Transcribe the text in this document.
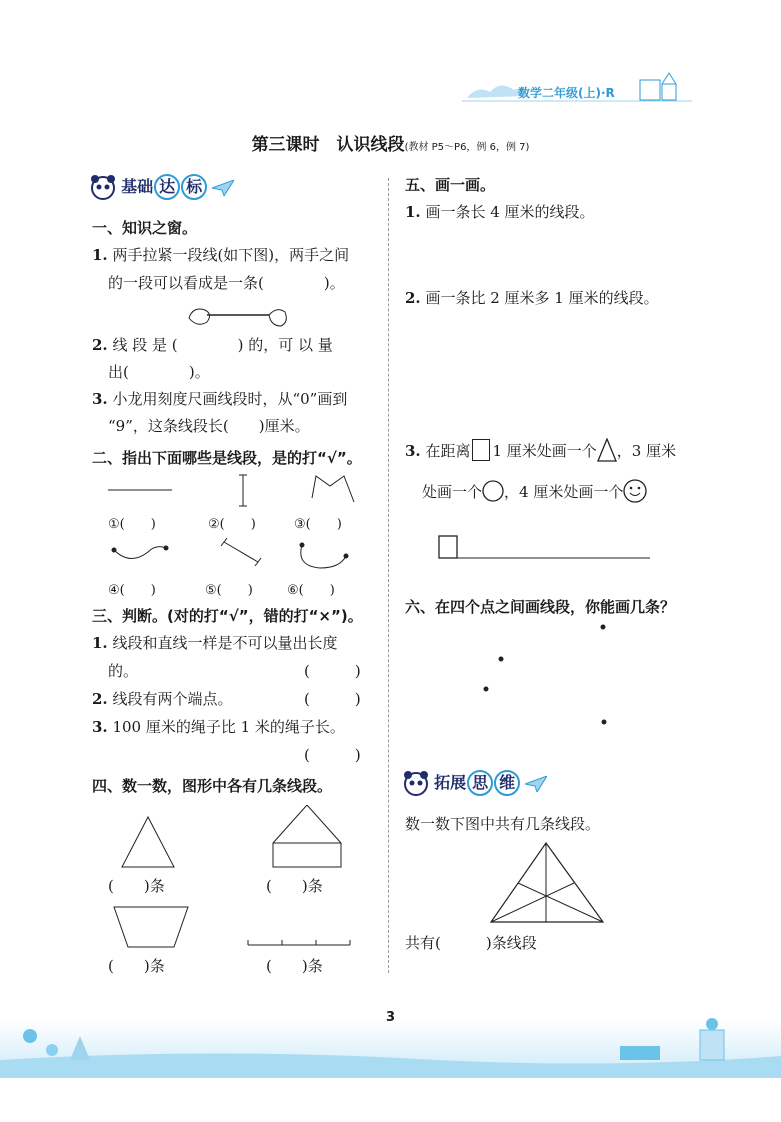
数学二年级(上)·R
第三课时　认识线段(教材 P5～P6，例 6，例 7)
基础 达 标
一、知识之窗。
1. 两手拉紧一段线(如下图)，两手之间
的一段可以看成是一条(　　　　)。
2. 线 段 是 (　　　　) 的，可 以 量
出(　　　　)。
3. 小龙用刻度尺画线段时，从“0”画到
“9”，这条线段长(　　)厘米。
二、指出下面哪些是线段，是的打“√”。
①(　　)	②(　　)	③(　　)
④(　　)	⑤(　　)	⑥(　　)
三、判断。(对的打“√”，错的打“×”)。
1. 线段和直线一样是不可以量出长度
的。	(　　　)
2. 线段有两个端点。	(　　　)
3. 100 厘米的绳子比 1 米的绳子长。
(　　　)
四、数一数，图形中各有几条线段。
(　　)条	(　　)条
(　　)条	(　　)条
五、画一画。
1. 画一条长 4 厘米的线段。
2. 画一条比 2 厘米多 1 厘米的线段。
3. 在距离 1 厘米处画一个 ，3 厘米
处画一个 ，4 厘米处画一个
六、在四个点之间画线段，你能画几条？
拓展 思 维
数一数下图中共有几条线段。
共有(　　　)条线段
3
